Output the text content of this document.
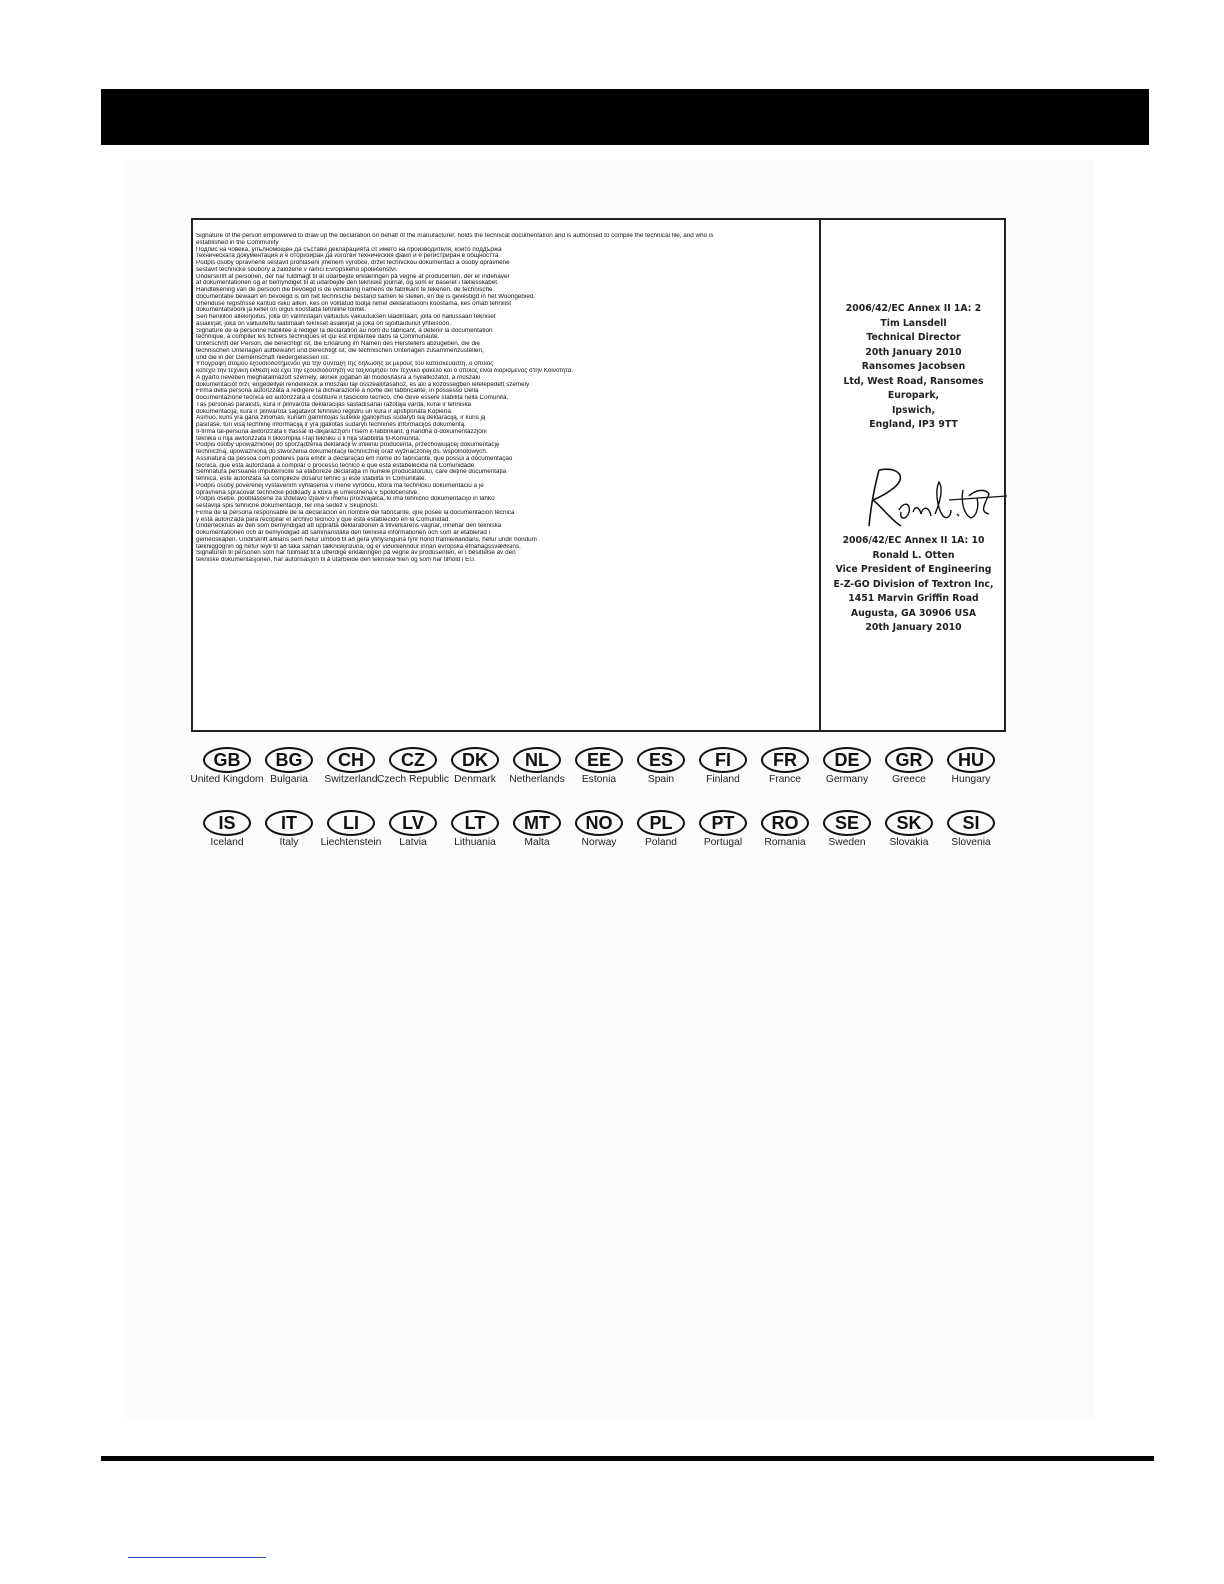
Signature of the person empowered to draw up the declaration on behalf of the manufacturer, holds the technical documentation and is authorised to compile the technical file, and who is
established in the Community
Подпис на човека, упълномощен да състави декларацията от името на производителя, който поддържа
техническата документация и е оторизиран да изготви техническия файл и е регистриран в общността
Podpis osoby oprávněné sestavit prohlášení jménem výrobce, držet technickou dokumentaci a osoby oprávněné
sestavit technické soubory a založené v rámci Evropského společenství.
Underskrift af personen, der har fuldmagt til at udarbejde erklæringen på vegne af producenten, der er indehaver
af dokumentationen og er bemyndiget til at udarbejde den tekniske journal, og som er baseret i fællesskabet.
Handtekening van de persoon die bevoegd is de verklaring namens de fabrikant te tekenen, de technische
documentatie bewaart en bevoegd is om het technische bestand samen te stellen, en die is gevestigd in het Woongebied.
Ühenduse registrisse kantud isiku allkiri, kes on volitatud tootja nimel deklaratsiooni koostama, kes omab tehnilist
dokumentatsiooni ja kellel on õigus koostada tehniline toimik.
Sen henkilön allekirjoitus, jolla on valmistajan valtuutus vakuutuksen laadintaan, jolla on hallussaan tekniset
asiakirjat, joka on valtuutettu laatimaan tekniset asiakirjat ja joka on sijoittautunut yhteisöön.
Signature de la personne habilitée à rédiger la déclaration au nom du fabricant, à détenir la documentation
technique, à compiler les fichiers techniques et qui est implantée dans la Communauté.
Unterschrift der Person, die berechtigt ist, die Erklärung im Namen des Herstellers abzugeben, die die
technischen Unterlagen aufbewahrt und berechtigt ist, die technischen Unterlagen zusammenzustellen,
und die in der Gemeinschaft niedergelassen ist.
Υπογραφή ατόμου εξουσιοδοτημένου για την σύνταξη της δήλωσης εκ μέρους του κατασκευαστή, ο οποίος
κατέχει την τεχνική έκθεση και έχει την εξουσιοδότηση να ταξινομήσει τον τεχνικό φάκελο και ο οποίος είναι διορισμένος στην Κοινότητα.
A gyártó nevében meghatalmazott személy, akinek jogában áll módosításra a nyilatkozatot, a műszaki
dokumentációt őrzi, engedéllyel rendelkezik a műszaki fájl összeállításához, és aki a közösségben letelepedett személy
Firma della persona autorizzata a redigere la dichiarazione a nome del fabbricante, in possesso Della
documentazione tecnica ed autorizzata a costituire il fascicolo tecnico, che deve essere stabilita nella Comunità.
Tās personas paraksts, kura ir pilnvarota deklarācijas sastādīšanai ražotāja vārdā, kurai ir tehniskā
dokumentācija, kura ir pilnvarota sagatavot tehnisko reģistru un kura ir apstiprināta Kopienā.
Asmuo, kuris yra gana žinomas, kuriam gamintojas suteikė įgaliojimus sudaryti šią deklaraciją, ir kuris ją
pasirašė, turi visą techninę informaciją ir yra įgaliotas sudaryti techninės informacijos dokumentą.
Il-firma tal-persuna awtorizzata li tfassal id-dikjarazzjoni f'isem il-fabbrikant, g handha d-dokumentazzjoni
teknika u hija awtorizzata li tikkompila l-fajl tekniku u li hija stabbilita fil-Komunità.
Podpis osoby upoważnionej do sporządzenia deklaracji w imieniu producenta, przechowującej dokumentację
techniczną, upoważnioną do stworzenia dokumentacji technicznej oraz wyznaczonej ds. wspólnotowych.
Assinatura da pessoa com poderes para emitir a declaração em nome do fabricante, que possui a documentação
técnica, que está autorizada a compilar o processo técnico e que está estabelecida na Comunidade.
Semnătura persoanei împuternicite să elaboreze declarația în numele producătorului, care deține documentația
tehnică, este autorizată să compileze dosarul tehnic și este stabilită în Comunitate.
Podpis osoby poverenej vystavením vyhlásenia v mene výrobcu, ktorá má technickú dokumentáciu a je
oprávnená spracovať technické podklady a ktorá je umiestnená v Spoločenstve.
Podpis osebe, pooblaščene za izdelavo izjave v imenu proizvajalca, ki ima tehnično dokumentacijo in lahko
sestavlja spis tehnične dokumentacije, ter ima sedež v Skupnosti.
Firma de la persona responsable de la declaración en nombre del fabricante, que posee la documentación técnica
y está autorizada para recopilar el archivo técnico y que está establecido en la Comunidad.
Undertecknas av den som bemyndigad att upprätta deklarationen å tillverkarens vägnar, innehar den tekniska
dokumentationen och är bemyndigad att sammanställa den tekniska informationen och som är etablerad i
gemenskapen. Undirskrift aðilans sem hefur umboð til að gera yfirlýsinguna fyrir hönd framleiðandans, hefur undir höndum
tækniggögnin og hefur leyfi til að taka saman tækniskjrsluna, og er viðurkenndur innan evrópska efnahagssvæðisins.
Signaturen til personen som har fullmakt til å utferdige erklæringen på vegne av produsenten, er i besittelse av den
tekniske dokumentasjonen, har autorisasjon til å utarbeide den tekniske filen og som har tilhold i EU.
2006/42/EC Annex II 1A: 2
Tim Lansdell
Technical Director
20th January 2010
Ransomes Jacobsen
Ltd, West Road, Ransomes Europark,
Ipswich,
England, IP3 9TT
2006/42/EC Annex II 1A: 10
Ronald L. Otten
Vice President of Engineering
E-Z-GO Division of Textron Inc,
1451 Marvin Griffin Road
Augusta, GA 30906 USA
20th January 2010
GB
United Kingdom
BG
Bulgaria
CH
Switzerland
CZ
Czech Republic
DK
Denmark
NL
Netherlands
EE
Estonia
ES
Spain
FI
Finland
FR
France
DE
Germany
GR
Greece
HU
Hungary
IS
Iceland
IT
Italy
LI
Liechtenstein
LV
Latvia
LT
Lithuania
MT
Malta
NO
Norway
PL
Poland
PT
Portugal
RO
Romania
SE
Sweden
SK
Slovakia
SI
Slovenia
